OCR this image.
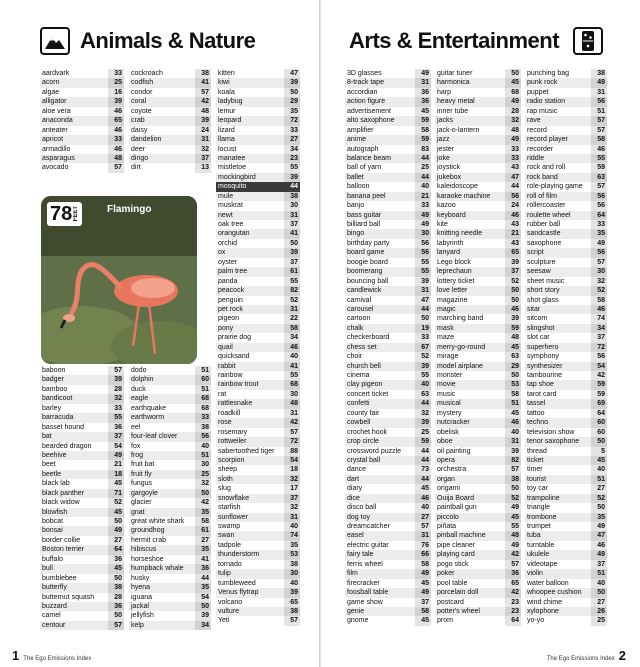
Animals & Nature
aardvark	33
acorn	25
algae	16
alligator	39
aloe vera	46
anaconda	65
anteater	46
apricot	33
armadillo	46
asparagus	48
avocado	57
cockroach	38
codfish	41
condor	57
coral	42
coyote	48
crab	39
daisy	24
dandelion	31
deer	32
dingo	37
dirt	13
kitten	47
kiwi	39
koala	50
ladybug	29
lemur	35
leopard	72
lizard	33
llama	27
locust	34
manatee	23
mistletoe	55
mockingbird	39
mosquito	44
mule	38
muskrat	30
newt	31
oak tree	37
orangutan	41
orchid	50
ox	39
oyster	37
palm tree	61
panda	55
peacock	82
penguin	52
pet rock	31
pigeon	22
pony	58
prairie dog	34
quail	46
quicksand	40
rabbit	41
rainbow	55
rainbow trout	68
rat	30
rattlesnake	48
roadkill	31
rose	42
rosemary	57
rottweiler	72
sabertoothed tiger	88
scorpion	54
sheep	18
sloth	32
slug	17
snowflake	37
starfish	32
sunflower	31
swamp	40
swan	74
tadpole	35
thunderstorm	53
tornado	38
tulip	30
tumbleweed	40
Venus flytrap	39
volcano	65
vulture	38
Yeti	57
baboon	57
badger	39
bamboo	28
bandicoot	32
barley	33
barracuda	55
basset hound	36
bat	37
bearded dragon	54
beehive	49
beet	21
beetle	18
black lab	45
black panther	71
black widow	52
blowfish	45
bobcat	50
bonsai	49
border collie	27
Boston terrier	64
buffalo	36
bull	45
bumblebee	50
butterfly	38
butternut squash	28
buzzard	36
camel	50
centour	57
dodo	51
dolphin	60
duck	51
eagle	68
earthquake	68
earthworm	33
eel	38
four-leaf clover	56
fox	40
frog	51
fruit bat	30
fruit fly	25
fungus	32
gargoyle	50
glacier	42
gnat	35
great white shark	58
groundhog	61
hermit crab	27
hibiscus	35
horseshoe	41
humpback whale	36
husky	44
hyena	35
iguana	54
jackal	50
jellyfish	39
kelp	34
78 FEET	Flamingo
1 The Ego Emissions Index
Arts & Entertainment
3D glasses	49
8-track tape	31
accordian	36
action figure	36
advertisement	45
alto saxophone	59
amplifier	58
anime	59
autograph	83
balance beam	44
ball of yarn	25
ballet	44
balloon	40
banana peel	21
banjo	33
bass guitar	49
billiard ball	49
bingo	30
birthday party	56
board game	56
boogie board	55
boomerang	55
bouncing ball	39
candlewick	31
carnival	47
carousel	44
cartoon	50
chalk	19
checkerboard	33
chess set	67
choir	52
church bell	39
cinema	55
clay pigeon	40
concert ticket	63
confetti	44
county fair	32
cowbell	39
crochet hook	25
crop circle	59
crossword puzzle	44
crystal ball	44
dance	73
dart	44
diary	45
dice	46
disco ball	40
dog toy	27
dreamcatcher	57
easel	31
electric guitar	76
fairy tale	66
ferris wheel	58
film	49
firecracker	45
foosball table	49
game show	37
genie	58
gnome	45
guitar tuner	50
harmonica	45
harp	68
heavy metal	49
inner tube	28
jacks	32
jack-o-lantern	48
jazz	49
jester	33
joke	33
joystick	43
jukebox	47
kaleidoscope	44
karaoke machine	56
kazoo	24
keyboard	46
kite	43
knitting needle	21
labyrinth	43
lanyard	65
Lego block	39
leprechaun	37
lottery ticket	52
love letter	50
magazine	50
magic	46
marching band	39
mask	59
maze	48
merry-go-round	45
mirage	63
model airplane	29
monster	50
movie	53
music	58
musical	51
mystery	45
nutcracker	46
obelisk	40
oboe	31
oil painting	39
opera	82
orchestra	57
organ	38
origami	50
Ouija Board	52
paintball gun	49
piccolo	45
piñata	55
pinball machine	48
pipe cleaner	49
playing card	42
pogo stick	57
poker	36
pool table	65
porcelain doll	42
postcard	23
potter's wheel	23
prom	64
punching bag	38
punk rock	49
puppet	31
radio station	56
rap music	51
rave	57
record	57
record player	58
recorder	46
riddle	55
rock and roll	59
rock band	63
role-playing game	57
roll of film	56
rollercoaster	56
roulette wheel	64
rubber ball	33
sandcastle	35
saxophone	49
script	56
sculpture	57
seesaw	30
sheet music	32
short story	52
shot glass	58
sitar	46
sitcom	74
slingshot	34
slot car	37
superhero	72
symphony	56
synthesizer	54
tambourine	42
tap shoe	59
tarot card	59
tassel	69
tattoo	64
techno	60
television show	60
tenor saxophone	50
thread	5
ticket	45
timer	40
tourist	51
toy car	27
trampoline	52
triangle	50
trombone	35
trumpet	49
tuba	47
turntable	46
ukulele	49
videotape	37
violin	51
water balloon	40
whoopee cushion	50
wind chime	27
xylophone	26
yo-yo	25
The Ego Emissions Index 2
